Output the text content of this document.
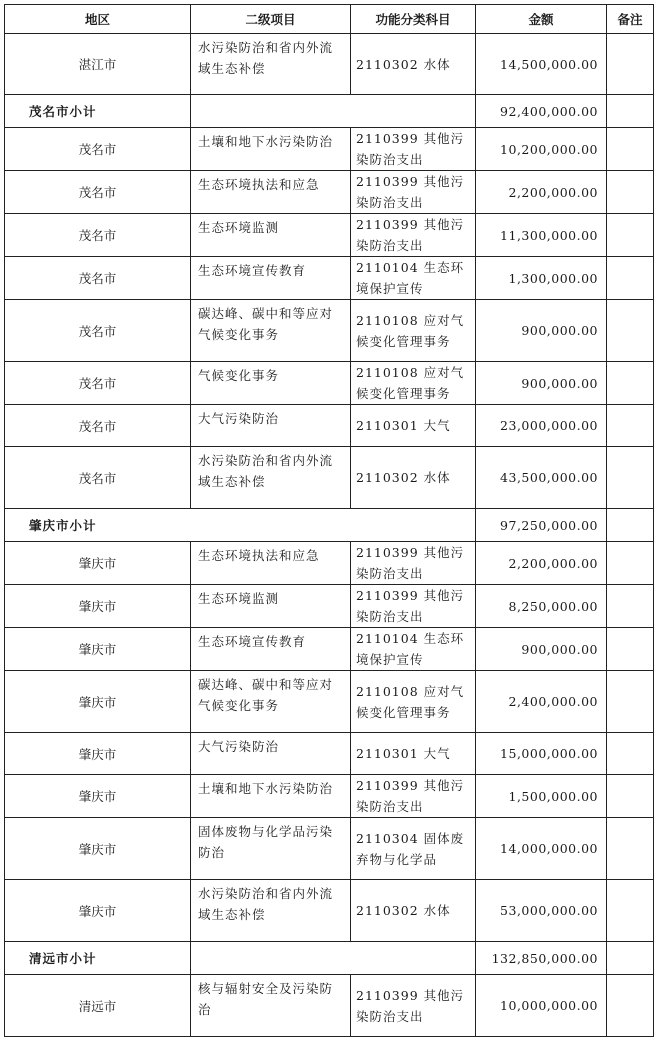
地区	二级项目	功能分类科目	金额	备注
湛江市	水污染防治和省内外流域生态补偿	2110302 水体	14,500,000.00	
茂名市小计			92,400,000.00	
茂名市	土壤和地下水污染防治	2110399 其他污染防治支出	10,200,000.00	
茂名市	生态环境执法和应急	2110399 其他污染防治支出	2,200,000.00	
茂名市	生态环境监测	2110399 其他污染防治支出	11,300,000.00	
茂名市	生态环境宣传教育	2110104 生态环境保护宣传	1,300,000.00	
茂名市	碳达峰、碳中和等应对气候变化事务	2110108 应对气候变化管理事务	900,000.00	
茂名市	气候变化事务	2110108 应对气候变化管理事务	900,000.00	
茂名市	大气污染防治	2110301 大气	23,000,000.00	
茂名市	水污染防治和省内外流域生态补偿	2110302 水体	43,500,000.00	
肇庆市小计			97,250,000.00	
肇庆市	生态环境执法和应急	2110399 其他污染防治支出	2,200,000.00	
肇庆市	生态环境监测	2110399 其他污染防治支出	8,250,000.00	
肇庆市	生态环境宣传教育	2110104 生态环境保护宣传	900,000.00	
肇庆市	碳达峰、碳中和等应对气候变化事务	2110108 应对气候变化管理事务	2,400,000.00	
肇庆市	大气污染防治	2110301 大气	15,000,000.00	
肇庆市	土壤和地下水污染防治	2110399 其他污染防治支出	1,500,000.00	
肇庆市	固体废物与化学品污染防治	2110304 固体废弃物与化学品	14,000,000.00	
肇庆市	水污染防治和省内外流域生态补偿	2110302 水体	53,000,000.00	
清远市小计			132,850,000.00	
清远市	核与辐射安全及污染防治	2110399 其他污染防治支出	10,000,000.00	
